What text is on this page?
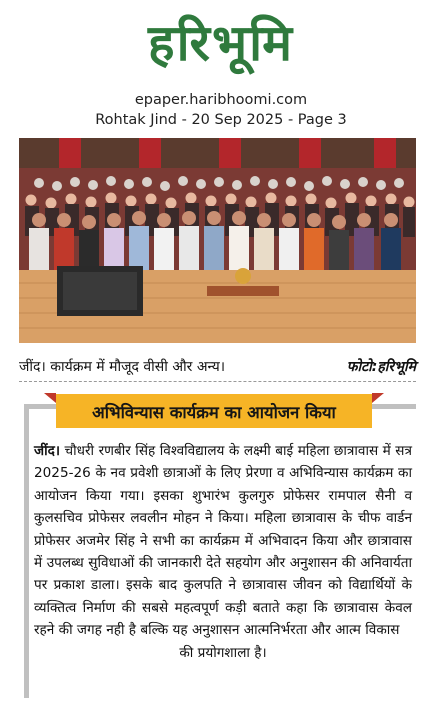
हरिभूमि
epaper.haribhoomi.com
Rohtak Jind - 20 Sep 2025 - Page 3
जींद। कार्यक्रम में मौजूद वीसी और अन्य।	फोटो:हरिभूमि
अभिविन्यास कार्यक्रम का आयोजन किया

जींद। चौधरी रणबीर सिंह विश्वविद्यालय के लक्ष्मी बाई महिला छात्रावास में सत्र 2025-26 के नव प्रवेशी छात्राओं के लिए प्रेरणा व अभिविन्यास कार्यक्रम का आयोजन किया गया। इसका शुभारंभ कुलगुरु प्रोफेसर रामपाल सैनी व कुलसचिव प्रोफेसर लवलीन मोहन ने किया। महिला छात्रावास के चीफ वार्डन प्रोफेसर अजमेर सिंह ने सभी का कार्यक्रम में अभिवादन किया और छात्रावास में उपलब्ध सुविधाओं की जानकारी देते सहयोग और अनुशासन की अनिवार्यता पर प्रकाश डाला। इसके बाद कुलपति ने छात्रावास जीवन को विद्यार्थियों के व्यक्तित्व निर्माण की सबसे महत्वपूर्ण कड़ी बताते कहा कि छात्रावास केवल रहने की जगह नही है बल्कि यह अनुशासन आत्मनिर्भरता और आत्म विकास

की प्रयोगशाला है।
